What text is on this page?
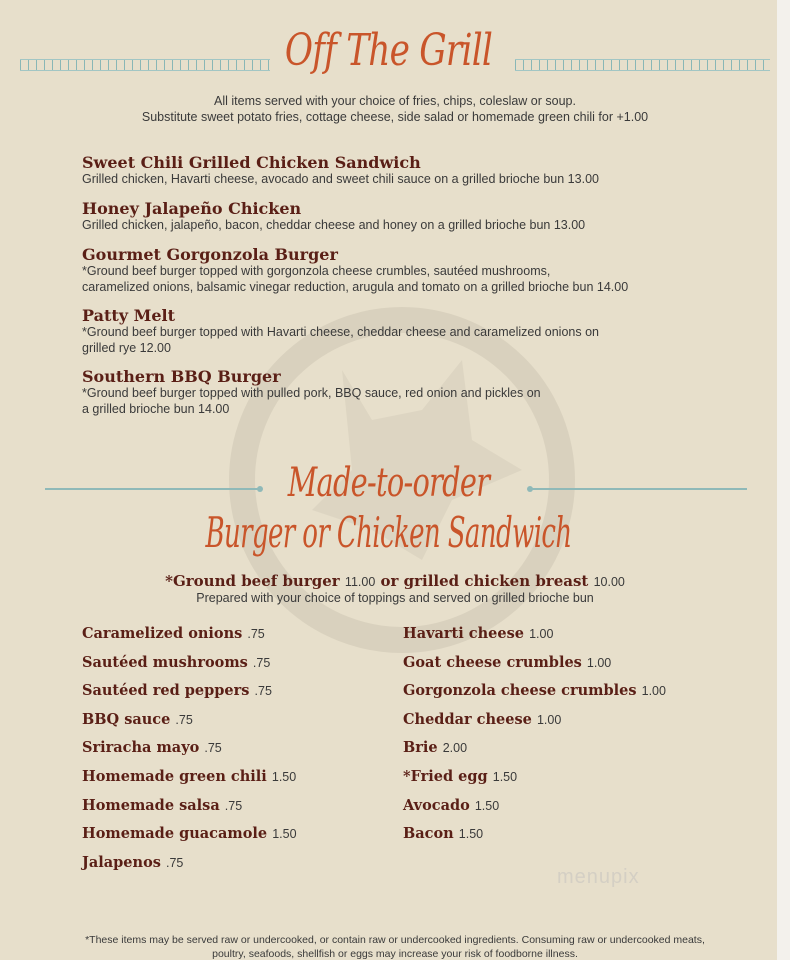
Off The Grill
All items served with your choice of fries, chips, coleslaw or soup.
Substitute sweet potato fries, cottage cheese, side salad or homemade green chili for +1.00
Sweet Chili Grilled Chicken Sandwich
Grilled chicken, Havarti cheese, avocado and sweet chili sauce on a grilled brioche bun 13.00
Honey Jalapeño Chicken
Grilled chicken, jalapeño, bacon, cheddar cheese and honey on a grilled brioche bun 13.00
Gourmet Gorgonzola Burger
*Ground beef burger topped with gorgonzola cheese crumbles, sautéed mushrooms,
caramelized onions, balsamic vinegar reduction, arugula and tomato on a grilled brioche bun 14.00
Patty Melt
*Ground beef burger topped with Havarti cheese, cheddar cheese and caramelized onions on
grilled rye 12.00
Southern BBQ Burger
*Ground beef burger topped with pulled pork, BBQ sauce, red onion and pickles on
a grilled brioche bun 14.00
Made-to-order
Burger or Chicken Sandwich
*Ground beef burger 11.00 or grilled chicken breast 10.00
Prepared with your choice of toppings and served on grilled brioche bun
Caramelized onions .75
Sautéed mushrooms .75
Sautéed red peppers .75
BBQ sauce .75
Sriracha mayo .75
Homemade green chili 1.50
Homemade salsa .75
Homemade guacamole 1.50
Jalapenos .75
Havarti cheese 1.00
Goat cheese crumbles 1.00
Gorgonzola cheese crumbles 1.00
Cheddar cheese 1.00
Brie 2.00
*Fried egg 1.50
Avocado 1.50
Bacon 1.50
menupix
*These items may be served raw or undercooked, or contain raw or undercooked ingredients. Consuming raw or undercooked meats,
poultry, seafoods, shellfish or eggs may increase your risk of foodborne illness.
